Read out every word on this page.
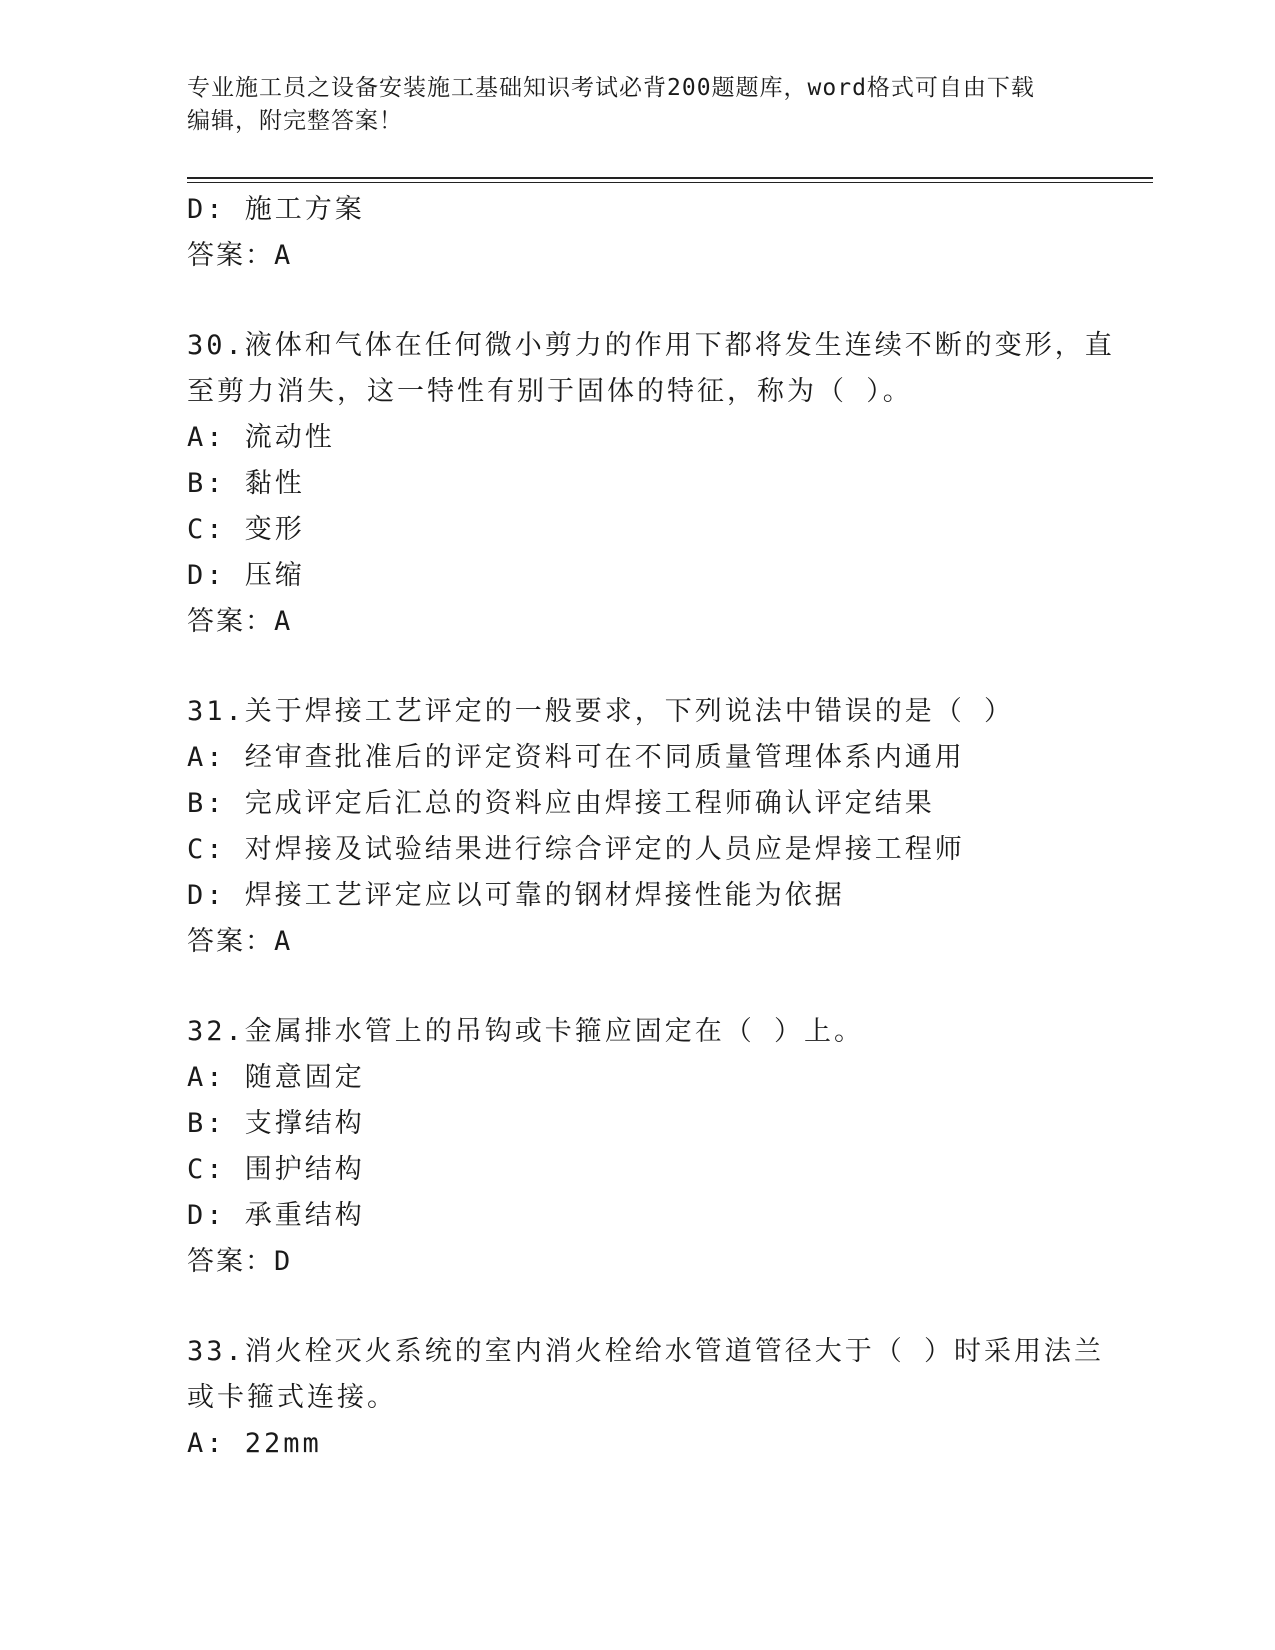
专业施工员之设备安装施工基础知识考试必背200题题库，word格式可自由下载
编辑，附完整答案！
D: 施工方案
答案：A
30.液体和气体在任何微小剪力的作用下都将发生连续不断的变形，直
至剪力消失，这一特性有别于固体的特征，称为（ ）。
A: 流动性
B: 黏性
C: 变形
D: 压缩
答案：A
31.关于焊接工艺评定的一般要求，下列说法中错误的是（ ）
A: 经审查批准后的评定资料可在不同质量管理体系内通用
B: 完成评定后汇总的资料应由焊接工程师确认评定结果
C: 对焊接及试验结果进行综合评定的人员应是焊接工程师
D: 焊接工艺评定应以可靠的钢材焊接性能为依据
答案：A
32.金属排水管上的吊钩或卡箍应固定在（ ）上。
A: 随意固定
B: 支撑结构
C: 围护结构
D: 承重结构
答案：D
33.消火栓灭火系统的室内消火栓给水管道管径大于（ ）时采用法兰
或卡箍式连接。
A: 22mm
